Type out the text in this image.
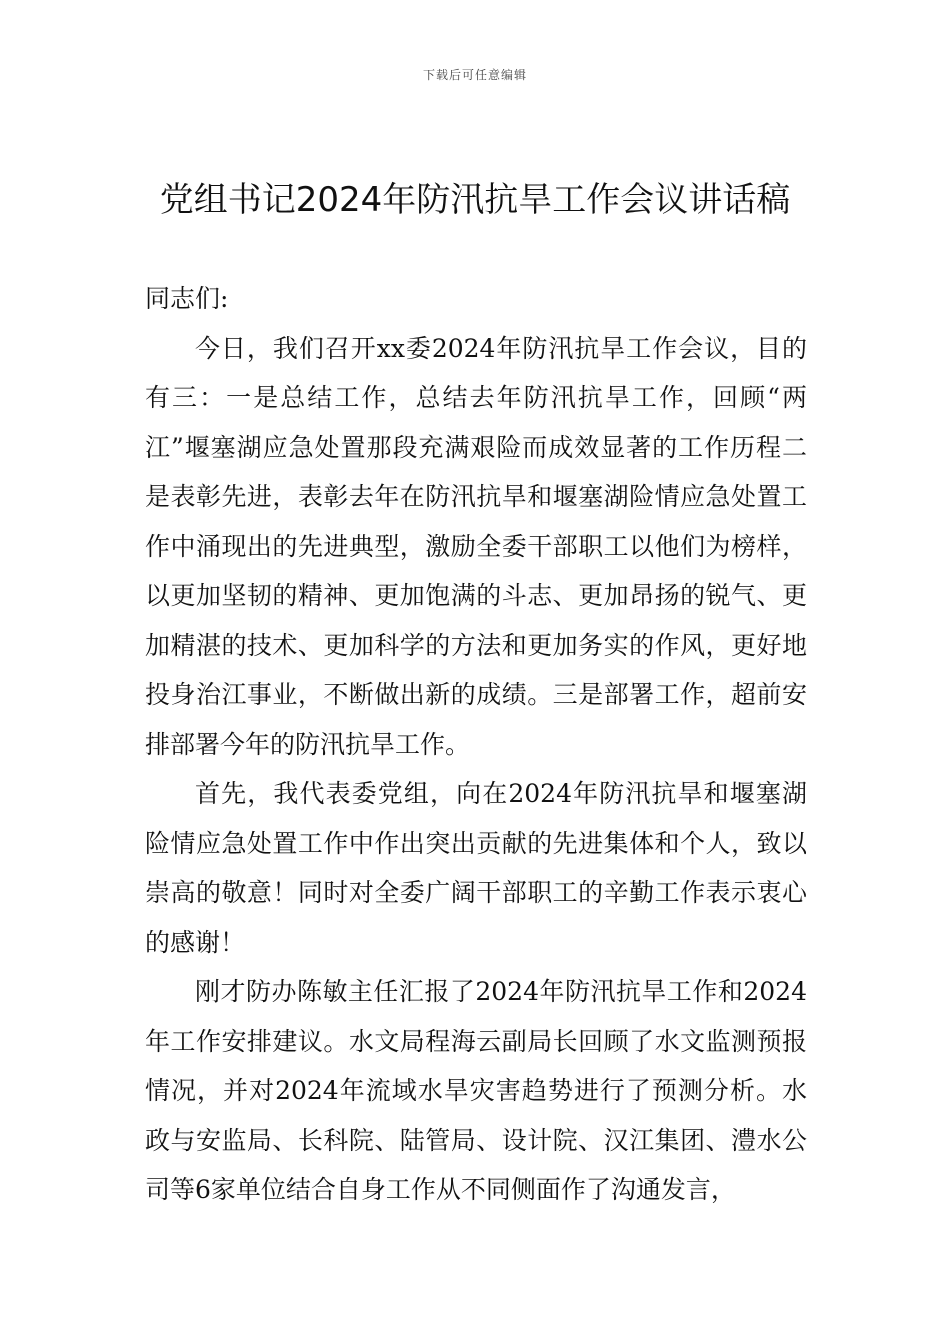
下载后可任意编辑
党组书记2024年防汛抗旱工作会议讲话稿

同志们:

今日，我们召开xx委2024年防汛抗旱工作会议，目的有三：一是总结工作，总结去年防汛抗旱工作，回顾“两江”堰塞湖应急处置那段充满艰险而成效显著的工作历程二是表彰先进，表彰去年在防汛抗旱和堰塞湖险情应急处置工作中涌现出的先进典型，激励全委干部职工以他们为榜样，以更加坚韧的精神、更加饱满的斗志、更加昂扬的锐气、更加精湛的技术、更加科学的方法和更加务实的作风，更好地投身治江事业，不断做出新的成绩。三是部署工作，超前安排部署今年的防汛抗旱工作。

首先，我代表委党组，向在2024年防汛抗旱和堰塞湖险情应急处置工作中作出突出贡献的先进集体和个人，致以崇高的敬意！同时对全委广阔干部职工的辛勤工作表示衷心的感谢！

刚才防办陈敏主任汇报了2024年防汛抗旱工作和2024年工作安排建议。水文局程海云副局长回顾了水文监测预报情况，并对2024年流域水旱灾害趋势进行了预测分析。水政与安监局、长科院、陆管局、设计院、汉江集团、澧水公司等6家单位结合自身工作从不同侧面作了沟通发言，
